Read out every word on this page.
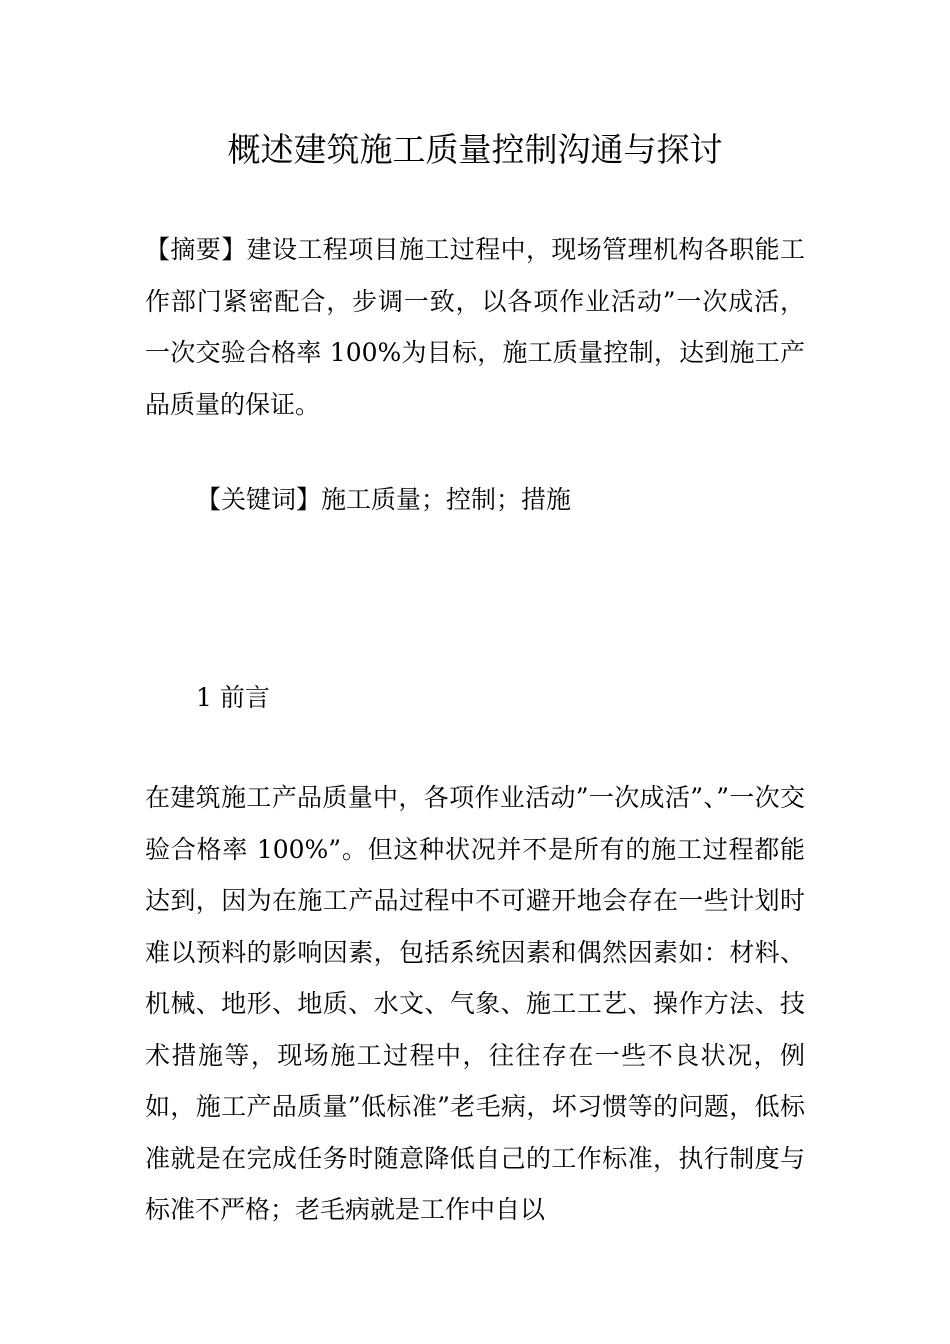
概述建筑施工质量控制沟通与探讨

【摘要】建设工程项目施工过程中，现场管理机构各职能工作部门紧密配合，步调一致，以各项作业活动”一次成活，一次交验合格率 100%为目标，施工质量控制，达到施工产品质量的保证。

【关键词】施工质量；控制；措施
1 前言

在建筑施工产品质量中，各项作业活动”一次成活”、”一次交验合格率 100%”。但这种状况并不是所有的施工过程都能达到，因为在施工产品过程中不可避开地会存在一些计划时难以预料的影响因素，包括系统因素和偶然因素如：材料、机械、地形、地质、水文、气象、施工工艺、操作方法、技术措施等，现场施工过程中，往往存在一些不良状况，例如，施工产品质量”低标准”老毛病，坏习惯等的问题，低标准就是在完成任务时随意降低自己的工作标准，执行制度与标准不严格；老毛病就是工作中自以
